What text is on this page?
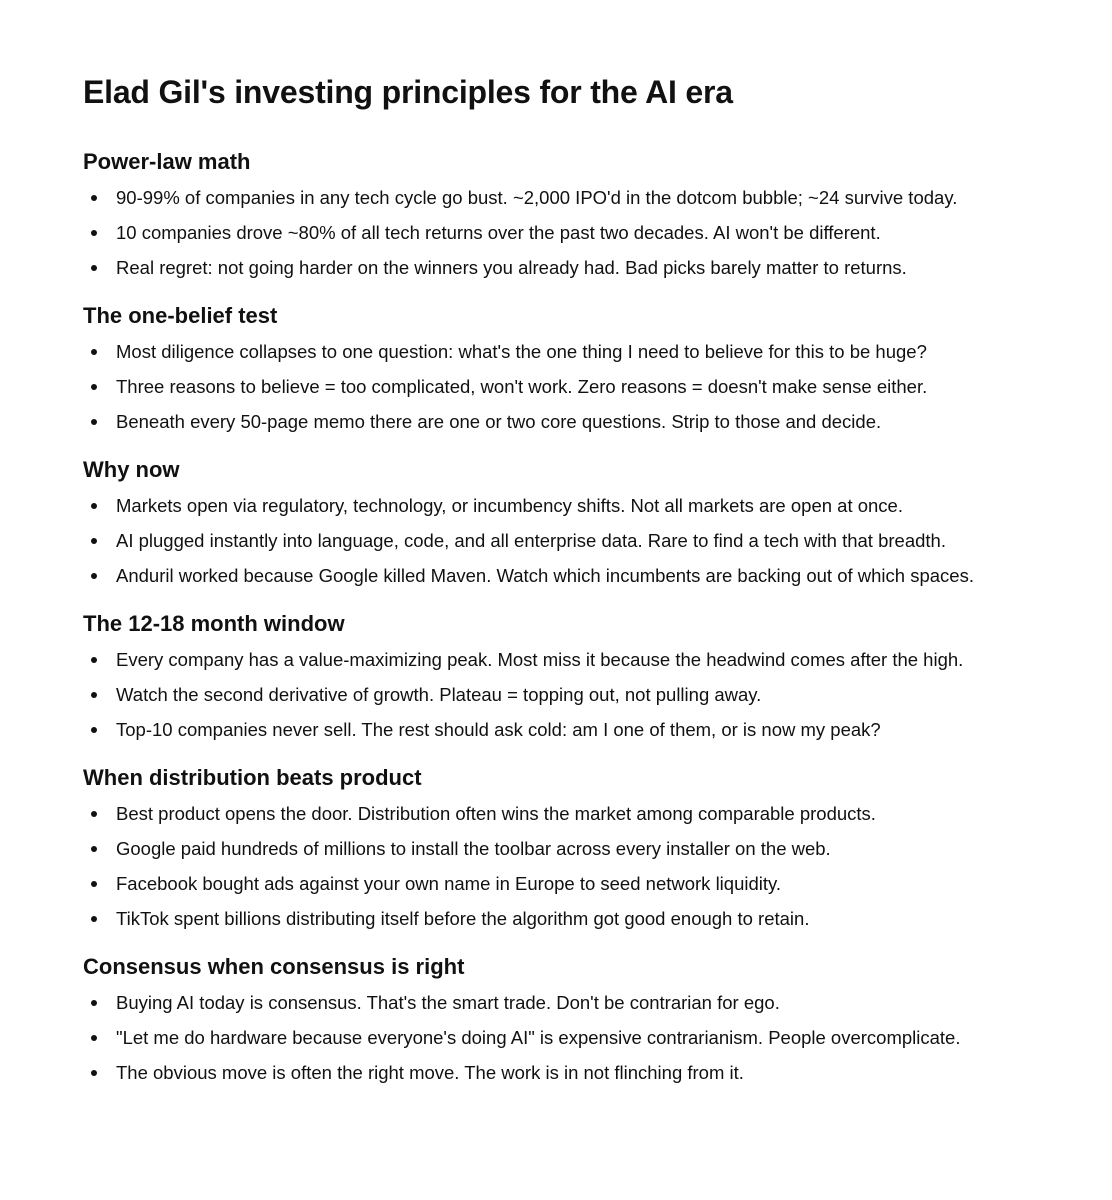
Elad Gil's investing principles for the AI era
Power-law math
90-99% of companies in any tech cycle go bust. ~2,000 IPO'd in the dotcom bubble; ~24 survive today.
10 companies drove ~80% of all tech returns over the past two decades. AI won't be different.
Real regret: not going harder on the winners you already had. Bad picks barely matter to returns.
The one-belief test
Most diligence collapses to one question: what's the one thing I need to believe for this to be huge?
Three reasons to believe = too complicated, won't work. Zero reasons = doesn't make sense either.
Beneath every 50-page memo there are one or two core questions. Strip to those and decide.
Why now
Markets open via regulatory, technology, or incumbency shifts. Not all markets are open at once.
AI plugged instantly into language, code, and all enterprise data. Rare to find a tech with that breadth.
Anduril worked because Google killed Maven. Watch which incumbents are backing out of which spaces.
The 12-18 month window
Every company has a value-maximizing peak. Most miss it because the headwind comes after the high.
Watch the second derivative of growth. Plateau = topping out, not pulling away.
Top-10 companies never sell. The rest should ask cold: am I one of them, or is now my peak?
When distribution beats product
Best product opens the door. Distribution often wins the market among comparable products.
Google paid hundreds of millions to install the toolbar across every installer on the web.
Facebook bought ads against your own name in Europe to seed network liquidity.
TikTok spent billions distributing itself before the algorithm got good enough to retain.
Consensus when consensus is right
Buying AI today is consensus. That's the smart trade. Don't be contrarian for ego.
"Let me do hardware because everyone's doing AI" is expensive contrarianism. People overcomplicate.
The obvious move is often the right move. The work is in not flinching from it.
